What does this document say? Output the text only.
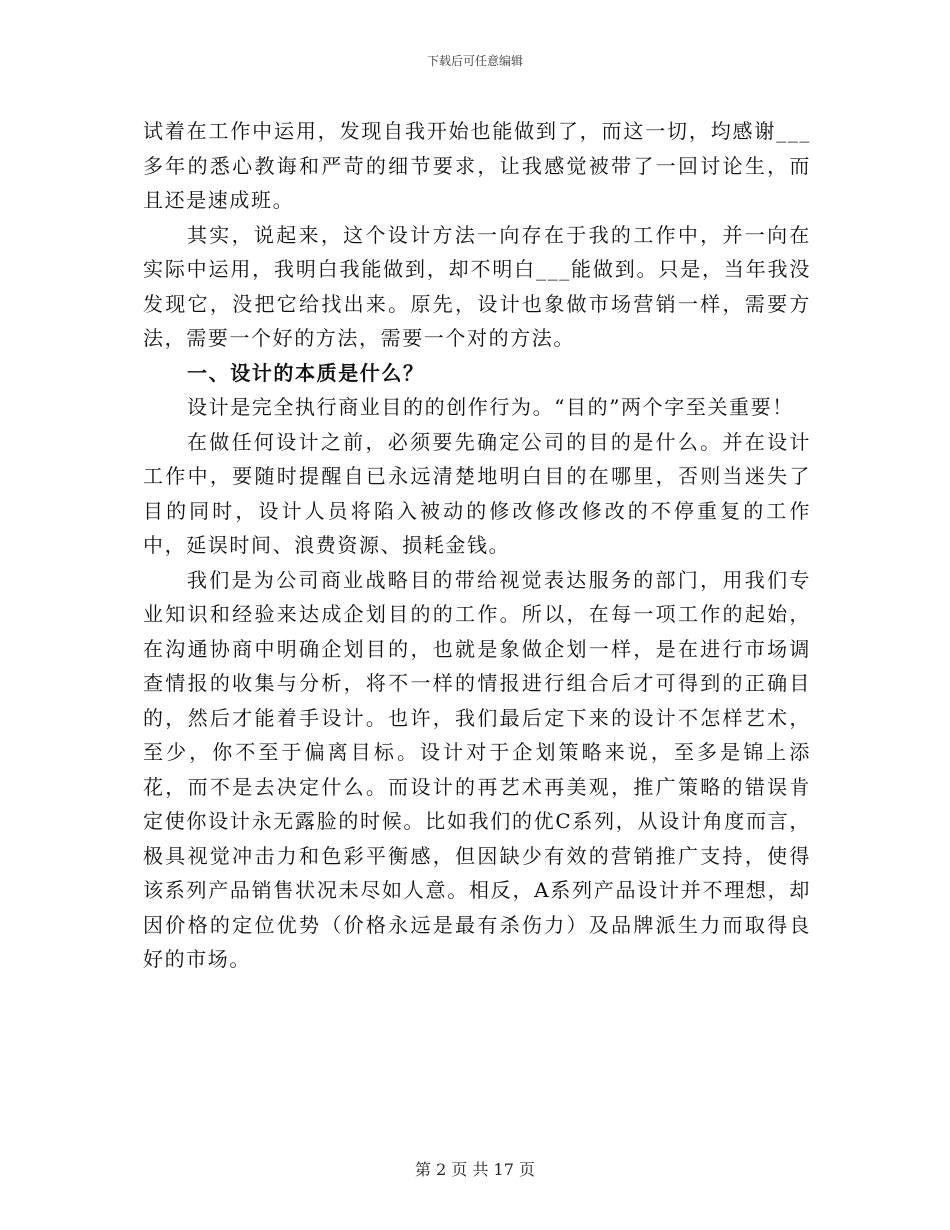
下载后可任意编辑

试着在工作中运用，发现自我开始也能做到了，而这一切，均感谢___多年的悉心教诲和严苛的细节要求，让我感觉被带了一回讨论生，而且还是速成班。

其实，说起来，这个设计方法一向存在于我的工作中，并一向在实际中运用，我明白我能做到，却不明白___能做到。只是，当年我没发现它，没把它给找出来。原先，设计也象做市场营销一样，需要方法，需要一个好的方法，需要一个对的方法。

一、设计的本质是什么？

设计是完全执行商业目的的创作行为。“目的”两个字至关重要！

在做任何设计之前，必须要先确定公司的目的是什么。并在设计工作中，要随时提醒自已永远清楚地明白目的在哪里，否则当迷失了目的同时，设计人员将陷入被动的修改修改修改的不停重复的工作中，延误时间、浪费资源、损耗金钱。

我们是为公司商业战略目的带给视觉表达服务的部门，用我们专业知识和经验来达成企划目的的工作。所以，在每一项工作的起始，在沟通协商中明确企划目的，也就是象做企划一样，是在进行市场调查情报的收集与分析，将不一样的情报进行组合后才可得到的正确目的，然后才能着手设计。也许，我们最后定下来的设计不怎样艺术，至少，你不至于偏离目标。设计对于企划策略来说，至多是锦上添花，而不是去决定什么。而设计的再艺术再美观，推广策略的错误肯定使你设计永无露脸的时候。比如我们的优C系列，从设计角度而言，极具视觉冲击力和色彩平衡感，但因缺少有效的营销推广支持，使得该系列产品销售状况未尽如人意。相反，A系列产品设计并不理想，却因价格的定位优势（价格永远是最有杀伤力）及品牌派生力而取得良好的市场。

第 2 页 共 17 页
